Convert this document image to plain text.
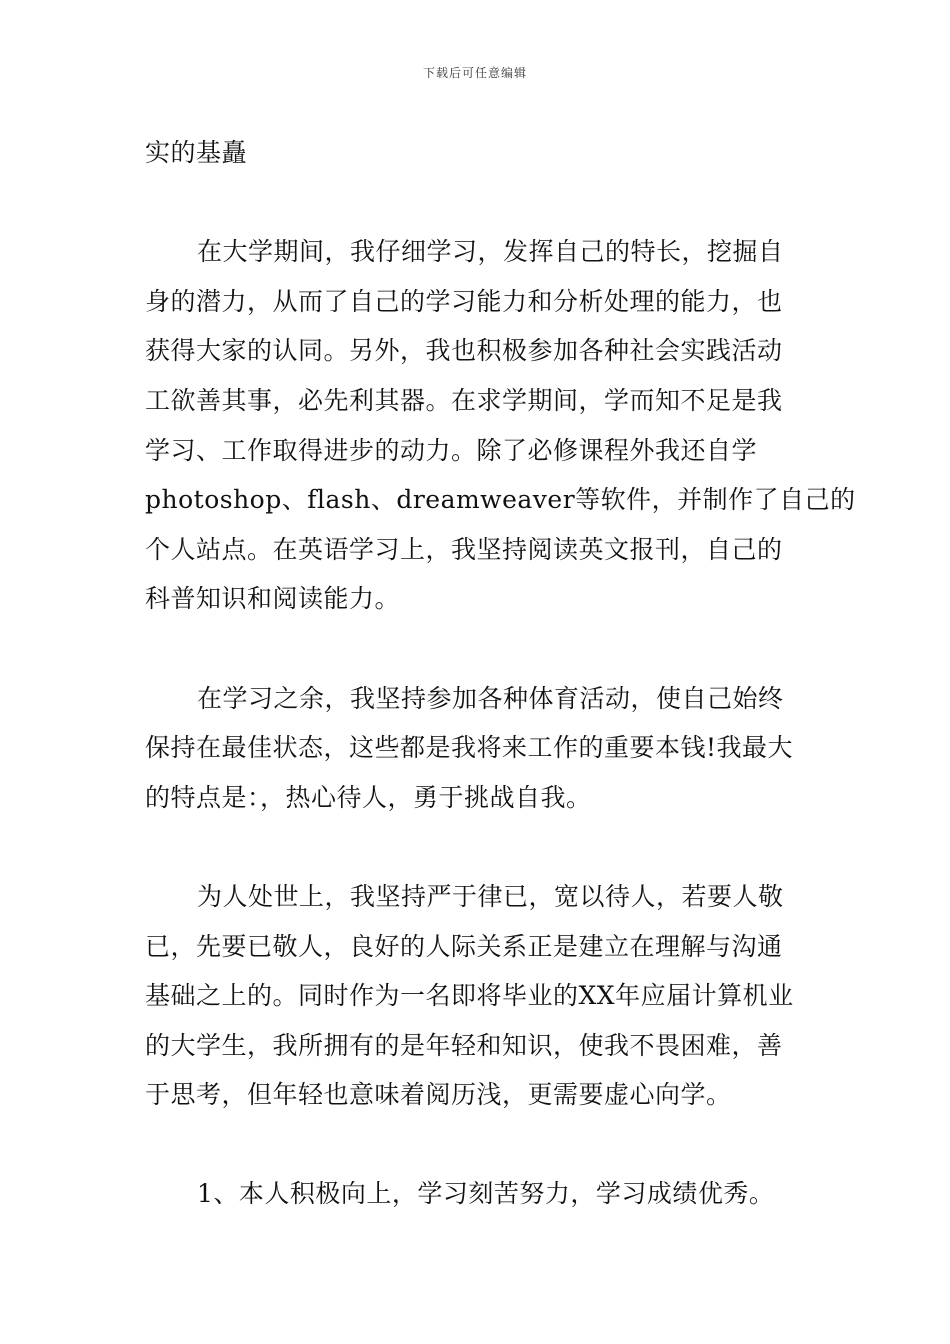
下载后可任意编辑
实的基矗
在大学期间，我仔细学习，发挥自己的特长，挖掘自
身的潜力，从而了自己的学习能力和分析处理的能力，也
获得大家的认同。另外，我也积极参加各种社会实践活动
工欲善其事，必先利其器。在求学期间，学而知不足是我
学习、工作取得进步的动力。除了必修课程外我还自学
photoshop、flash、dreamweaver等软件，并制作了自己的
个人站点。在英语学习上，我坚持阅读英文报刊，自己的
科普知识和阅读能力。
在学习之余，我坚持参加各种体育活动，使自己始终
保持在最佳状态，这些都是我将来工作的重要本钱!我最大
的特点是：，热心待人，勇于挑战自我。
为人处世上，我坚持严于律已，宽以待人，若要人敬
已，先要已敬人，良好的人际关系正是建立在理解与沟通
基础之上的。同时作为一名即将毕业的XX年应届计算机业
的大学生，我所拥有的是年轻和知识，使我不畏困难，善
于思考，但年轻也意味着阅历浅，更需要虚心向学。
1、本人积极向上，学习刻苦努力，学习成绩优秀。
